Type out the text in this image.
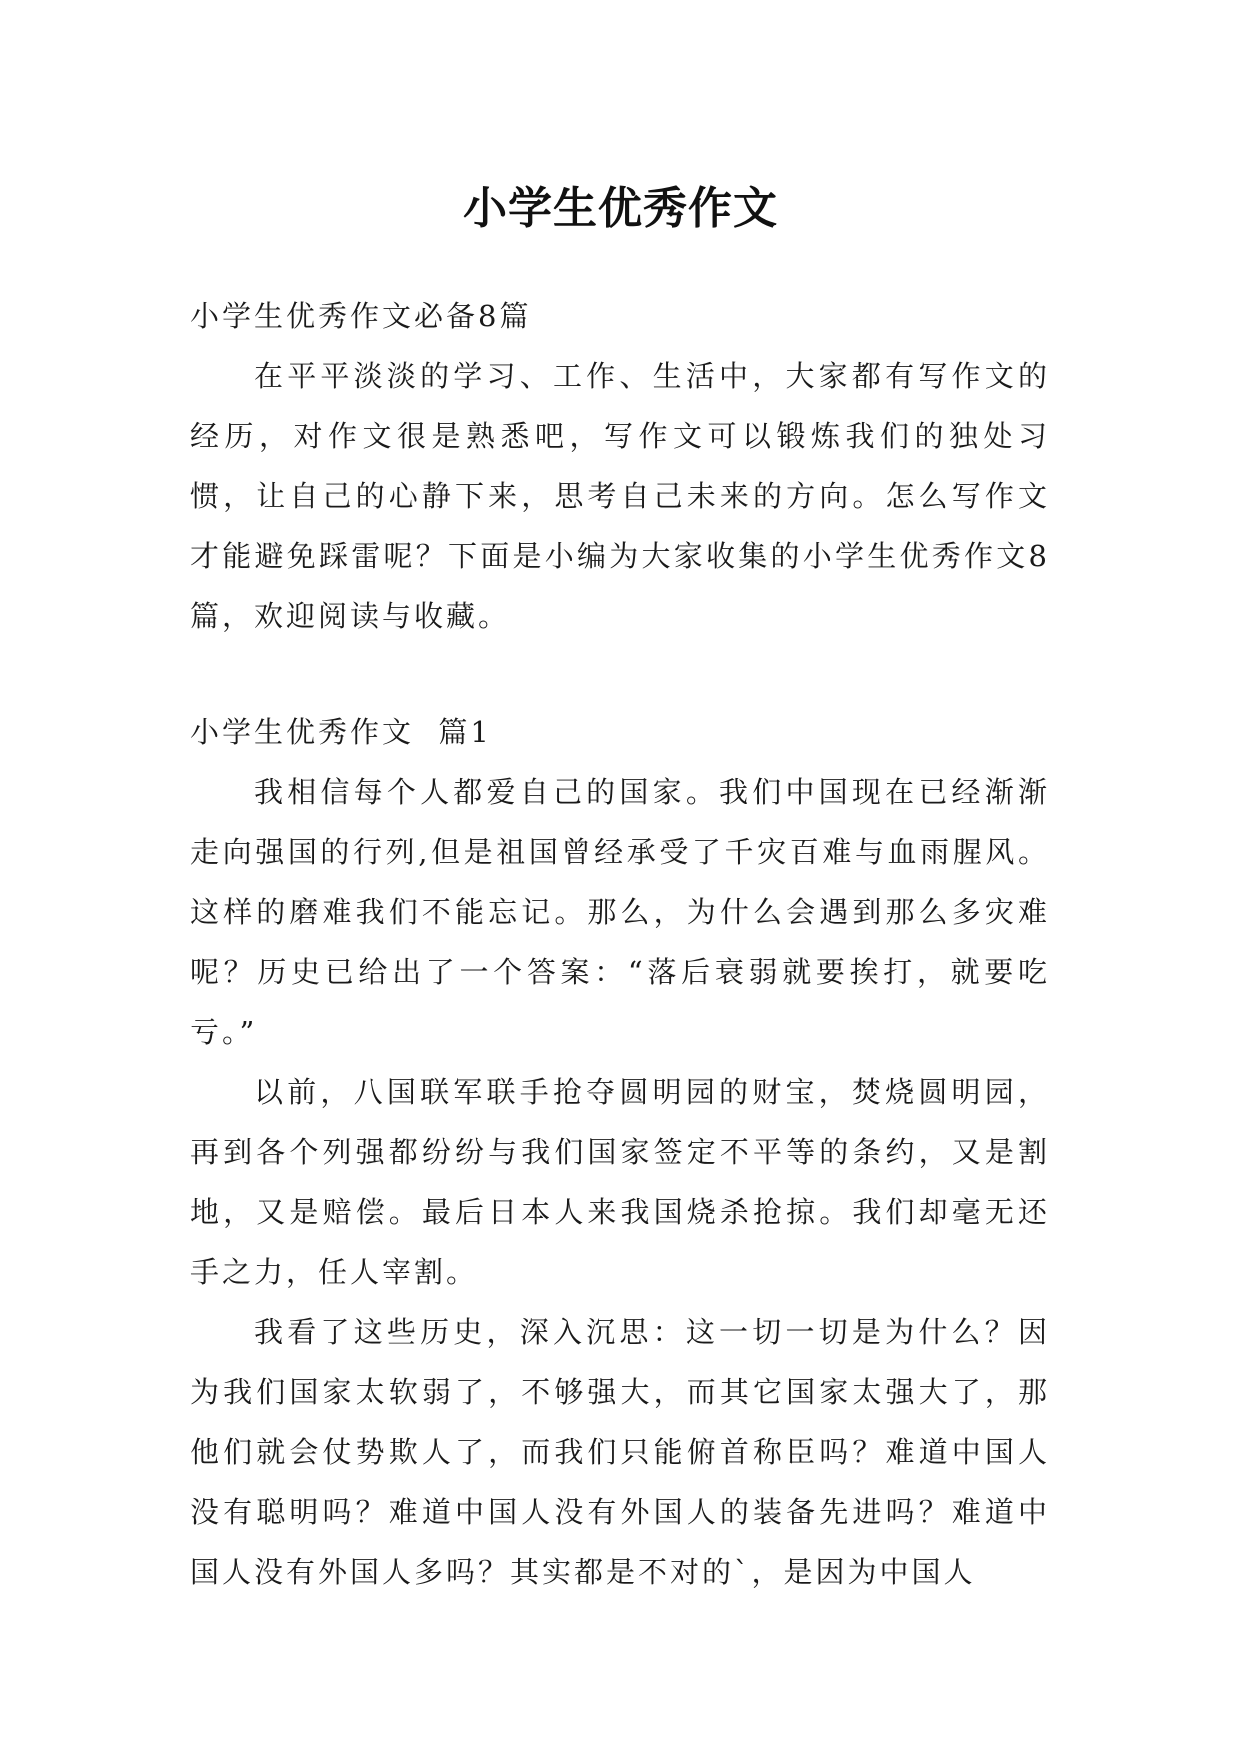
小学生优秀作文

小学生优秀作文必备8篇

在平平淡淡的学习、工作、生活中，大家都有写作文的经历，对作文很是熟悉吧，写作文可以锻炼我们的独处习惯，让自己的心静下来，思考自己未来的方向。怎么写作文才能避免踩雷呢？下面是小编为大家收集的小学生优秀作文8篇，欢迎阅读与收藏。

小学生优秀作文  篇1

我相信每个人都爱自己的国家。我们中国现在已经渐渐走向强国的行列,但是祖国曾经承受了千灾百难与血雨腥风。这样的磨难我们不能忘记。那么，为什么会遇到那么多灾难呢？历史已给出了一个答案：“落后衰弱就要挨打，就要吃亏。”

以前，八国联军联手抢夺圆明园的财宝，焚烧圆明园，再到各个列强都纷纷与我们国家签定不平等的条约，又是割地，又是赔偿。最后日本人来我国烧杀抢掠。我们却毫无还手之力，任人宰割。

我看了这些历史，深入沉思：这一切一切是为什么？因为我们国家太软弱了，不够强大，而其它国家太强大了，那他们就会仗势欺人了，而我们只能俯首称臣吗？难道中国人没有聪明吗？难道中国人没有外国人的装备先进吗？难道中国人没有外国人多吗？其实都是不对的`，是因为中国人
